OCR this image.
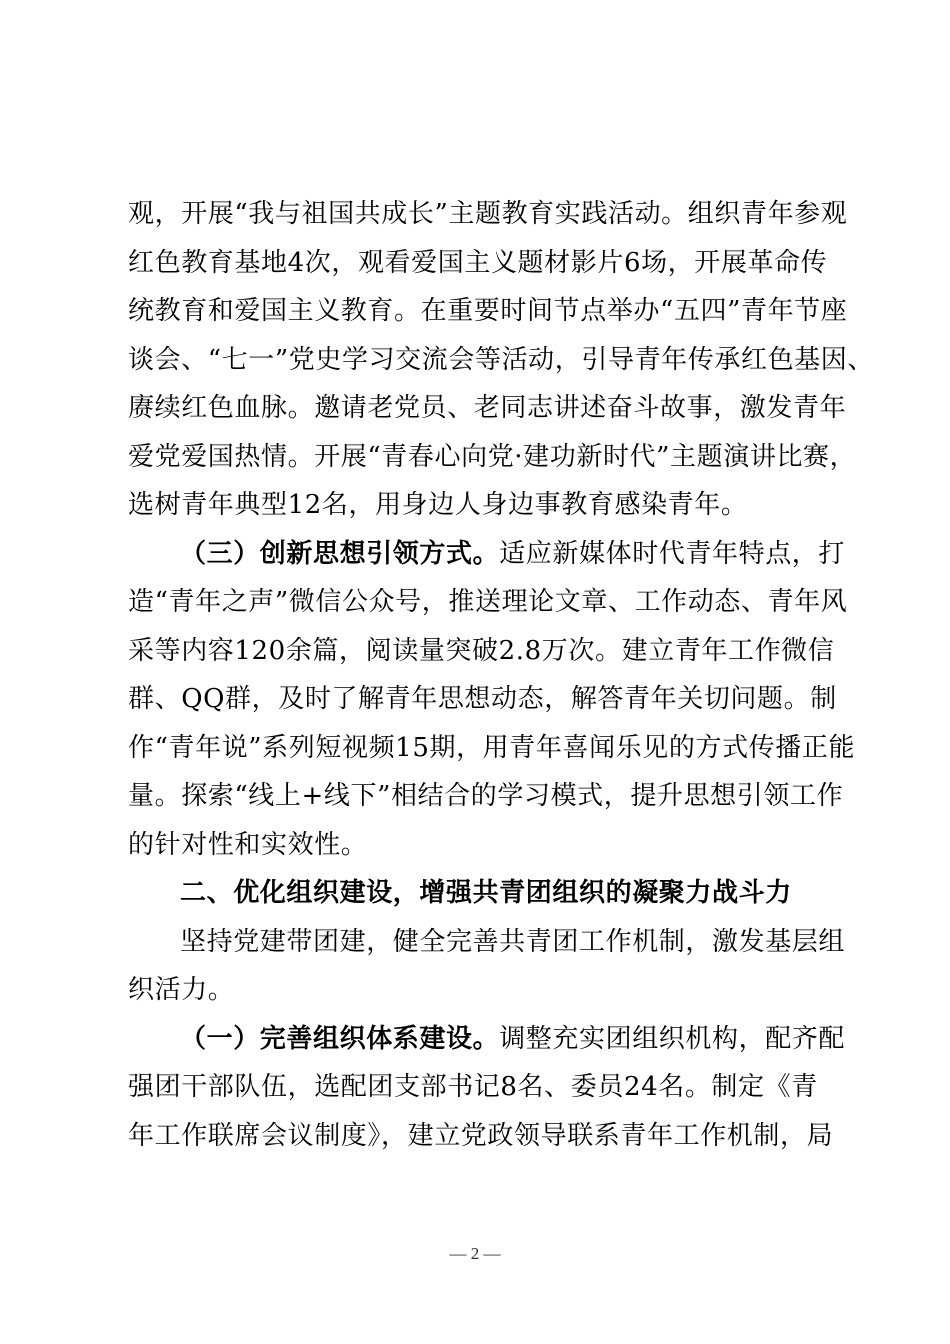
观，开展“我与祖国共成长”主题教育实践活动。组织青年参观
红色教育基地4次，观看爱国主义题材影片6场，开展革命传
统教育和爱国主义教育。在重要时间节点举办“五四”青年节座
谈会、“七一”党史学习交流会等活动，引导青年传承红色基因、
赓续红色血脉。邀请老党员、老同志讲述奋斗故事，激发青年
爱党爱国热情。开展“青春心向党·建功新时代”主题演讲比赛，
选树青年典型12名，用身边人身边事教育感染青年。
（三）创新思想引领方式。适应新媒体时代青年特点，打
造“青年之声”微信公众号，推送理论文章、工作动态、青年风
采等内容120余篇，阅读量突破2.8万次。建立青年工作微信
群、QQ群，及时了解青年思想动态，解答青年关切问题。制
作“青年说”系列短视频15期，用青年喜闻乐见的方式传播正能
量。探索“线上+线下”相结合的学习模式，提升思想引领工作
的针对性和实效性。
二、优化组织建设，增强共青团组织的凝聚力战斗力
坚持党建带团建，健全完善共青团工作机制，激发基层组
织活力。
（一）完善组织体系建设。调整充实团组织机构，配齐配
强团干部队伍，选配团支部书记8名、委员24名。制定《青
年工作联席会议制度》，建立党政领导联系青年工作机制，局
— 2 —
